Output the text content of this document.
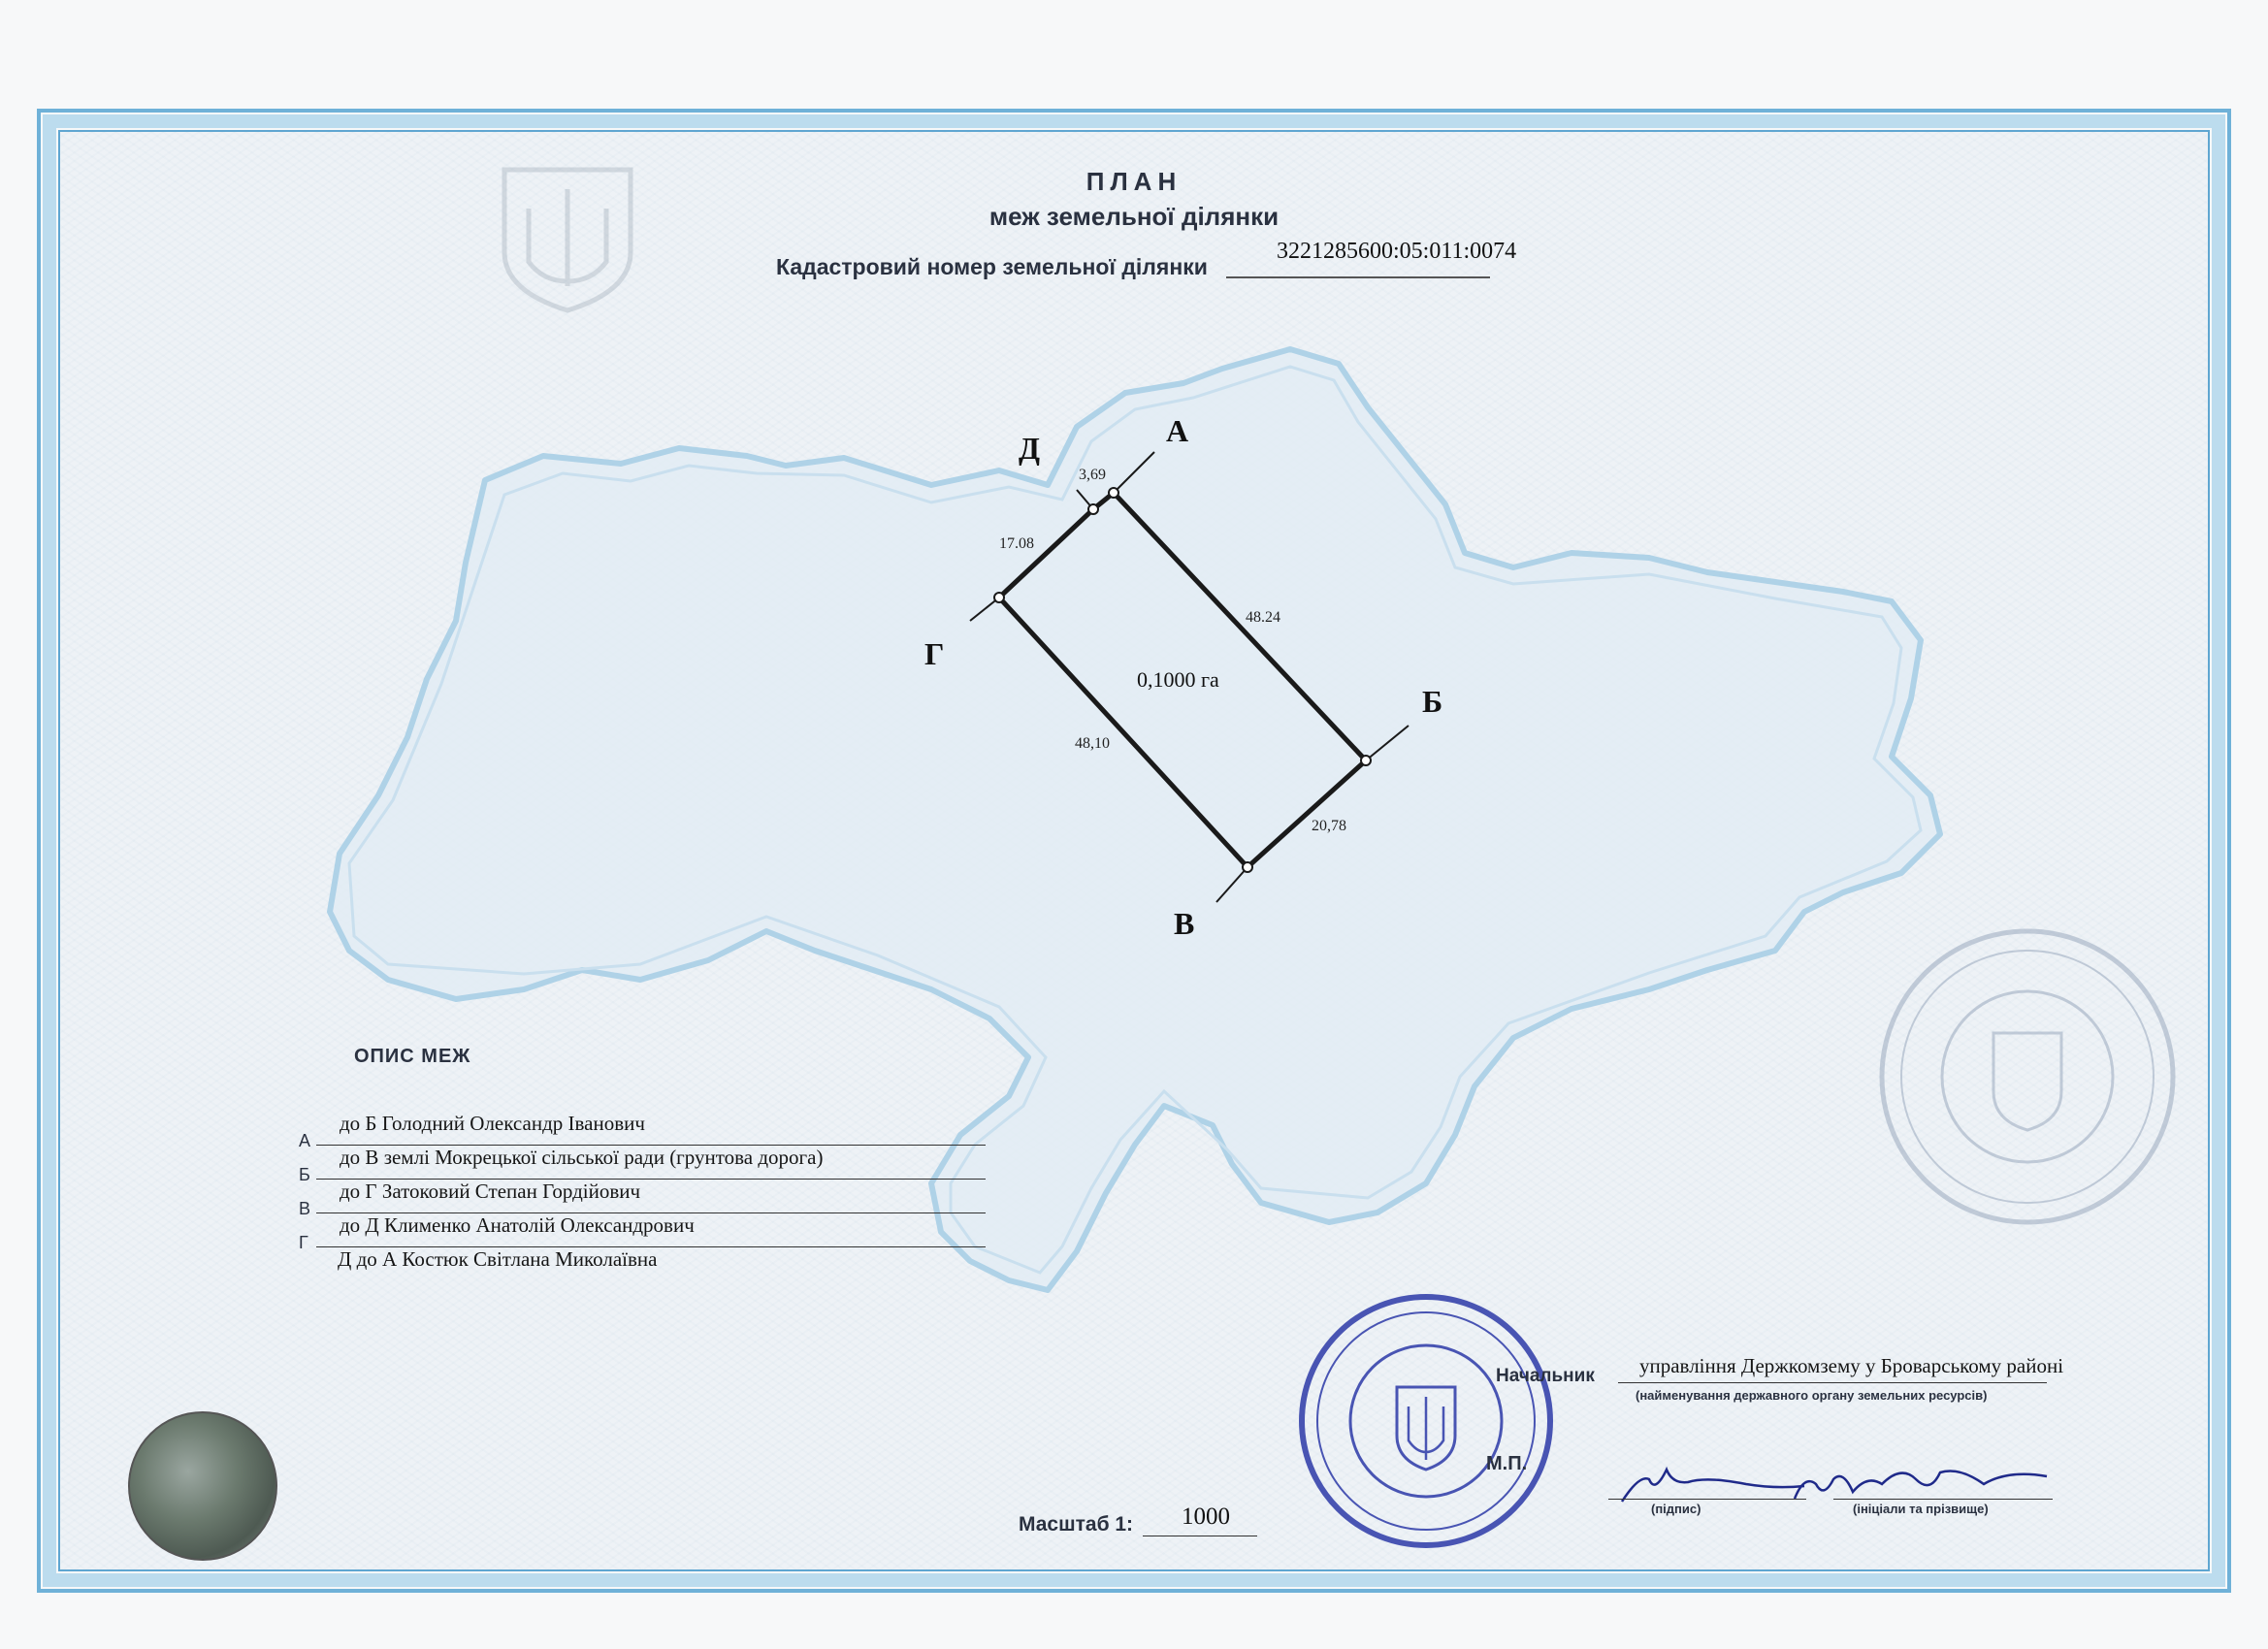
А
Б
В
Г
Д
3,69
17.08
48.24
48,10
20,78
0,1000 га
ПЛАН
меж земельної ділянки
Кадастровий номер земельної ділянки
3221285600:05:011:0074
ОПИС МЕЖ
А
до Б Голодний Олександр Іванович
Б
до В землі Мокрецької сільської ради (грунтова дорога)
В
до Г Затоковий Степан Гордійович
Г
до Д Клименко Анатолій Олександрович
Д до А Костюк Світлана Миколаївна
Начальник управління Держкомзему у Броварському районі
(найменування державного органу земельних ресурсів)
М.П.
(підпис)	(ініціали та прізвище)
Масштаб 1: 1000
